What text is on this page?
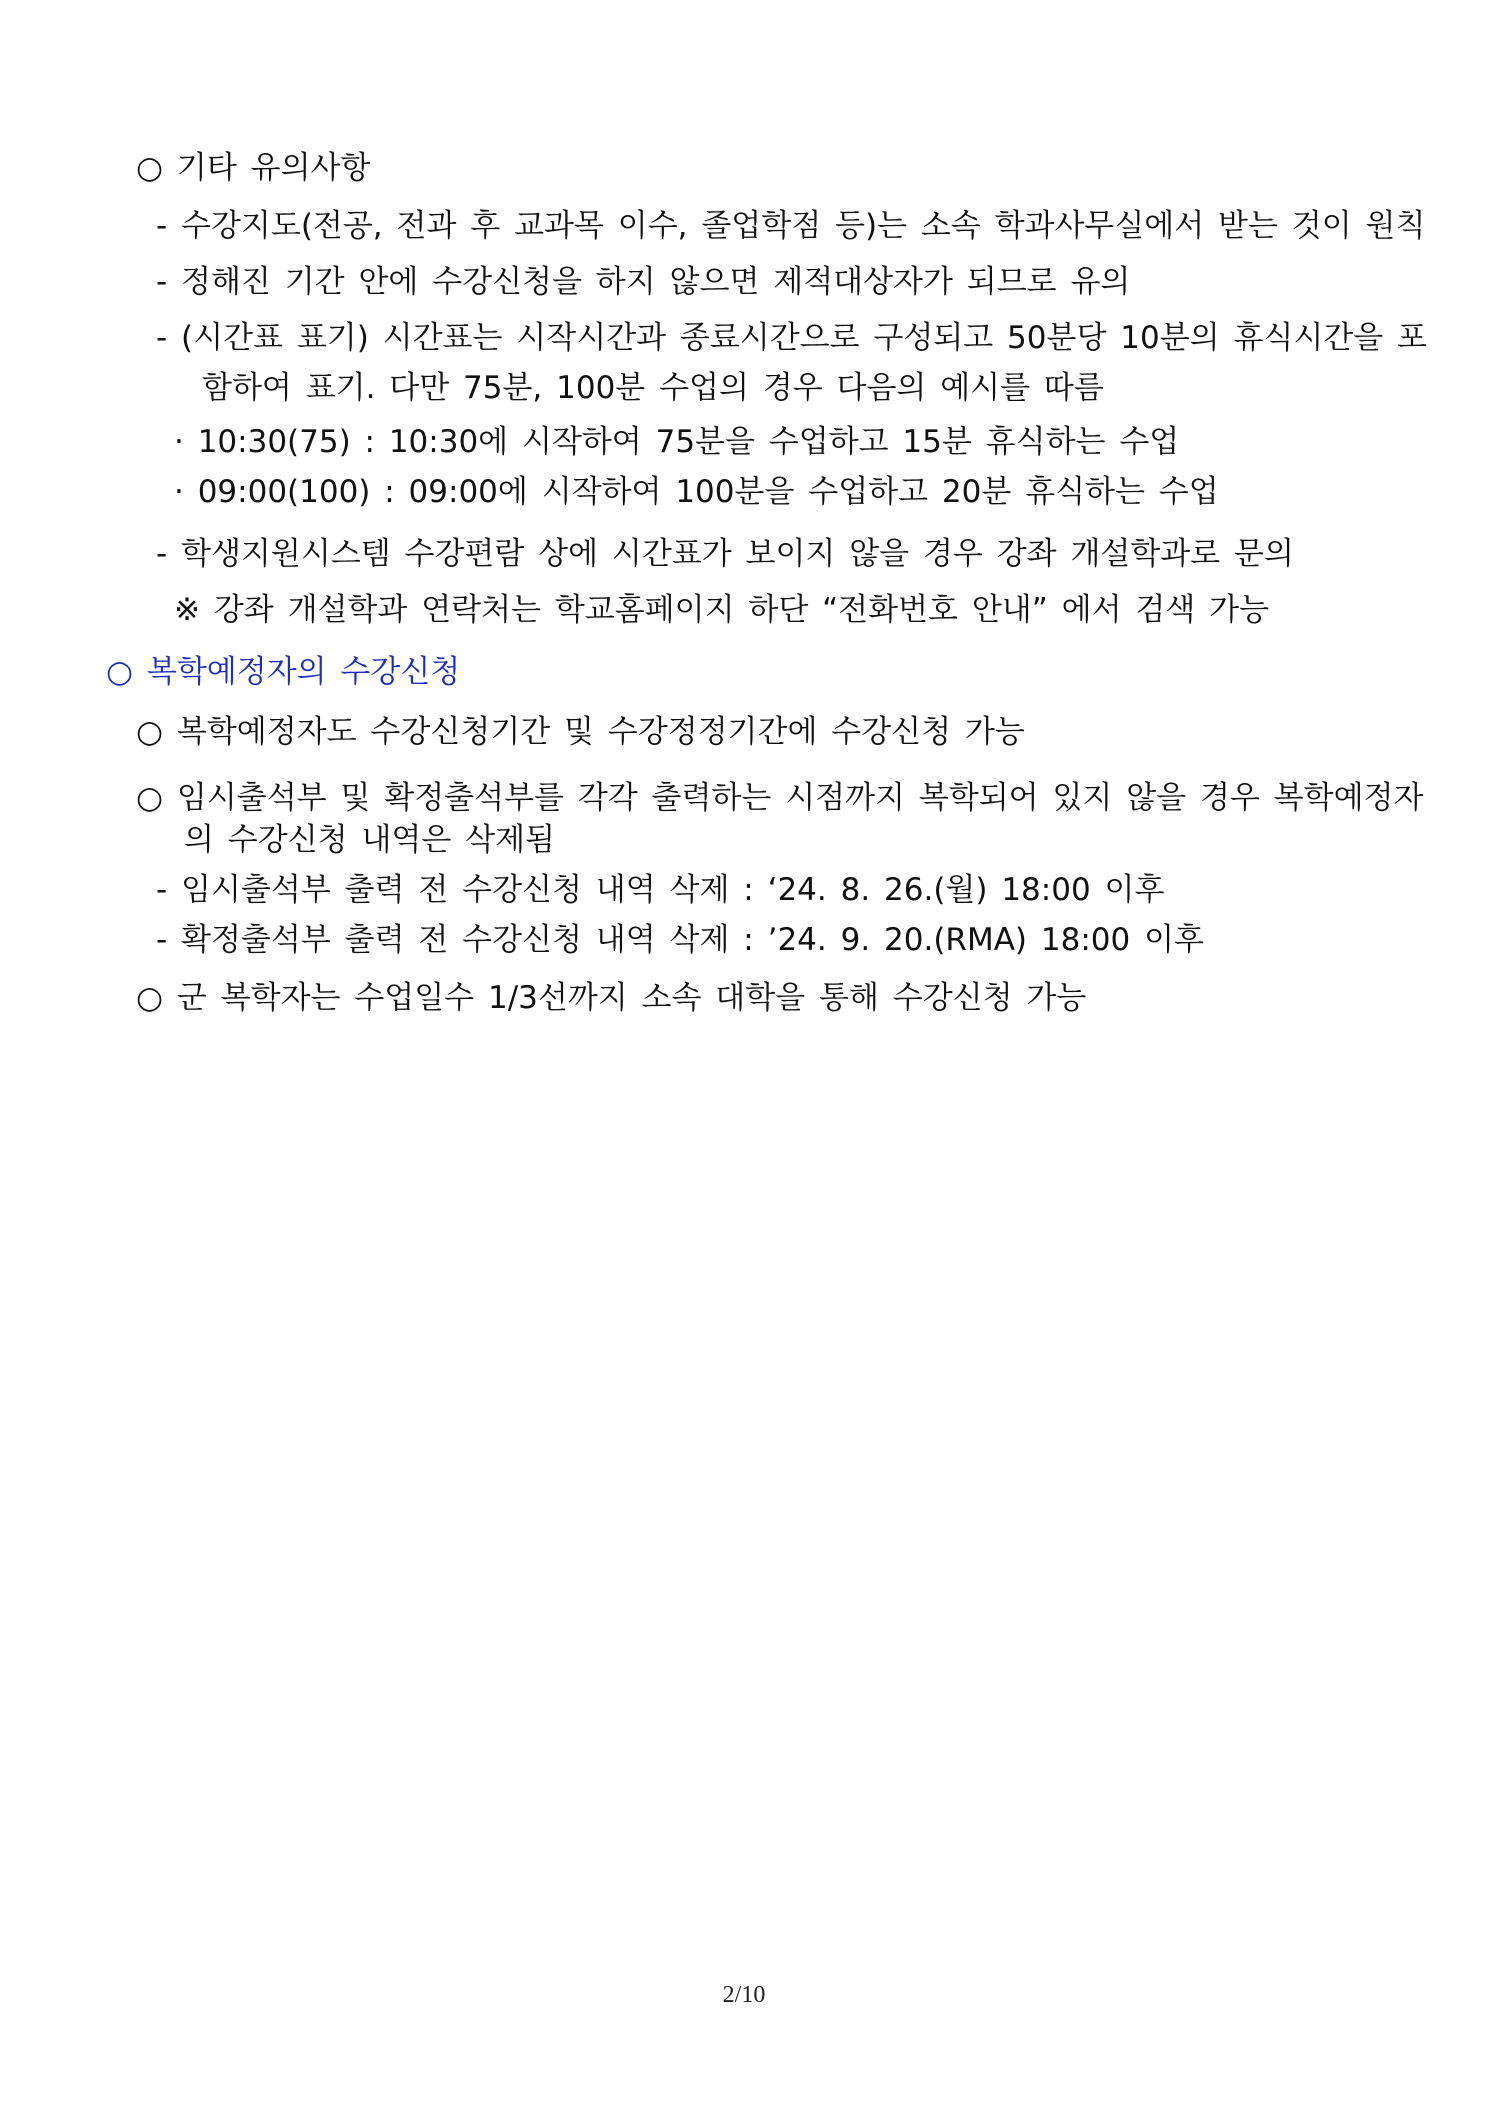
○ 기타 유의사항
- 수강지도(전공, 전과 후 교과목 이수, 졸업학점 등)는 소속 학과사무실에서 받는 것이 원칙
- 정해진 기간 안에 수강신청을 하지 않으면 제적대상자가 되므로 유의
- (시간표 표기) 시간표는 시작시간과 종료시간으로 구성되고 50분당 10분의 휴식시간을 포
함하여 표기. 다만 75분, 100분 수업의 경우 다음의 예시를 따름
· 10:30(75) : 10:30에 시작하여 75분을 수업하고 15분 휴식하는 수업
· 09:00(100) : 09:00에 시작하여 100분을 수업하고 20분 휴식하는 수업
- 학생지원시스템 수강편람 상에 시간표가 보이지 않을 경우 강좌 개설학과로 문의
※ 강좌 개설학과 연락처는 학교홈페이지 하단 “전화번호 안내” 에서 검색 가능
○ 복학예정자의 수강신청
○ 복학예정자도 수강신청기간 및 수강정정기간에 수강신청 가능
○ 임시출석부 및 확정출석부를 각각 출력하는 시점까지 복학되어 있지 않을 경우 복학예정자
의 수강신청 내역은 삭제됨
- 임시출석부 출력 전 수강신청 내역 삭제 : ‘24. 8. 26.(월) 18:00 이후
- 확정출석부 출력 전 수강신청 내역 삭제 : ’24. 9. 20.(RMA) 18:00 이후
○ 군 복학자는 수업일수 1/3선까지 소속 대학을 통해 수강신청 가능
2/10
